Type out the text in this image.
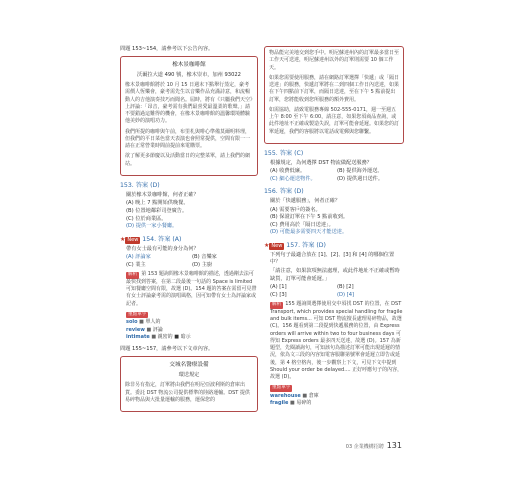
問題 153~154，請參考以下公告內容。
橡木景咖啡館
沃爾拉大道 490 號，橡木崇市，加州 93022

橡木景咖啡館將於 10 月 15 日週末下點舉行蒸定，豪考需價人恆樂會，豪考需先生以音樂作品充滿詩意，和流暢動人的吉他演奏技巧而聞名。屆時，將有《只屬我們天空》上評論：「昂音，豪考需有我們最喜愛最溫柔的歌聲。」請不要錯過這難得的機會，在橡木景咖啡館的溫馨環境體驗他美妙的演唱功力。

我們所提的咖啡與午前，布里札與啡心準備莫爾明料理，但我們的平日菜色當天表演也會照常提供，空間有限一一請在正常營業時間前提前來電購票。

欲了解更多節慶以及活動當日的完整菜單，請上我們的網站。

153. 答案 (D)
關於橡木景咖啡館，何者正確？
(A) 晚上 7 點開始供晚餐。
(B) 位置地鄰彩司登廣告。
(C) 位於商業區。
(D) 提供一家小餐廳。
★ New 154. 答案 (A)
帶有女士最有可能的身分為何？
(A) 評論家	(B) 音樂家
(C) 業主	(D) 主廚
解析 第 153 題詢問橡木景咖啡館的描述，透過剛去法可最快找到答案，在第二段最後一句話的 Space is limited 可知餐廳空間有限，故選 (D)。154 題的答案在需留可見帶有女士評論豪考需的演唱風格，因可知帶有女士為評論家或記者。
重點單字
solo ■ 單人的
review ■ 評論
intimate ■ 親密的 ■ 暗示
問題 155~157，請參考以下文章內容。
交城名醫療設備
環送規定

除非另有指定，訂單將由我們在明尼亞波利斯的倉庫出貨。委託 DST 物流公司提供標準的陸路運輸。DST 提供易碎物品與大批量運輸的服務，運保您的

物品能完美地交到您手中。明尼蘇達州內的訂單最多當日至工作天可送達，明尼蘇達州以外的訂單則需要 10 個工作天。

如果您需要使用服務，請在網路訂單選擇「快遞」或「隔日送達」的服務，快遞訂單將在二到四個工作日內送達，如果在下午四點前下訂單，而隔日送達，至在下午 5 點前提出訂單，您將能收到您所服務的額外費用。

如需協助，請致電服務專線 502-555-0171，週一至週五上午 8:00 至下午 6:00，請注意，如果您須商品查詢，或此件地址不正確或製造失誤，訂單可能會延遲。如果您的訂單延遲，我們的客服將以電話或電郵與您聯繫。

155. 答案 (C)
根據規定，為何選擇 DST 物流做配送服務？
(A) 收費低廉。	(B) 提供海外運送。
(C) 細心運送物件。	(D) 提供週日送件。
156. 答案 (D)
關於「快遞服務」，何者正確？
(A) 需要客戶的簽名。
(B) 保證訂單在下午 5 點前收到。
(C) 費用高於「隔日送達」。
(D) 可能最多需要四天才能送達。
★ New 157. 答案 (D)
下列句子最適合放在 [1]、[2]、[3] 和 [4] 的哪個位置中？
「請注意，如果款項無法處理，或此件地址不正確或暫時缺貨，訂單可能會延遲。」
(A) [1]	(B) [2]
(C) [3]	(D) [4]
解析 155 題詢問選擇使用交中須找 DST 的位置，在 DST Transport, which provides special handling for fragile and bulk items... 可知 DST 物流擅長處理易碎物品，故選 (C)。156 題看到第二段提到快遞服務的位置，由 Express orders will arrive within two to four business days 可得知 Express orders 最多四天送達，故選 (D)。157 為新題型，先閱讀詢句，可知該句為描述訂單可能出現延遲的情況，依為文三段的內容知電客服聯第號單會延遲立即告或延後，第 4 格空格內，後一步觀察上下文，可見下文中提到 Should your order be delayed.... 正好呼應句子的內容，故選 (D)。
重點單字
warehouse ■ 倉庫
fragile ■ 易碎的
03 企業機構招聘 131
